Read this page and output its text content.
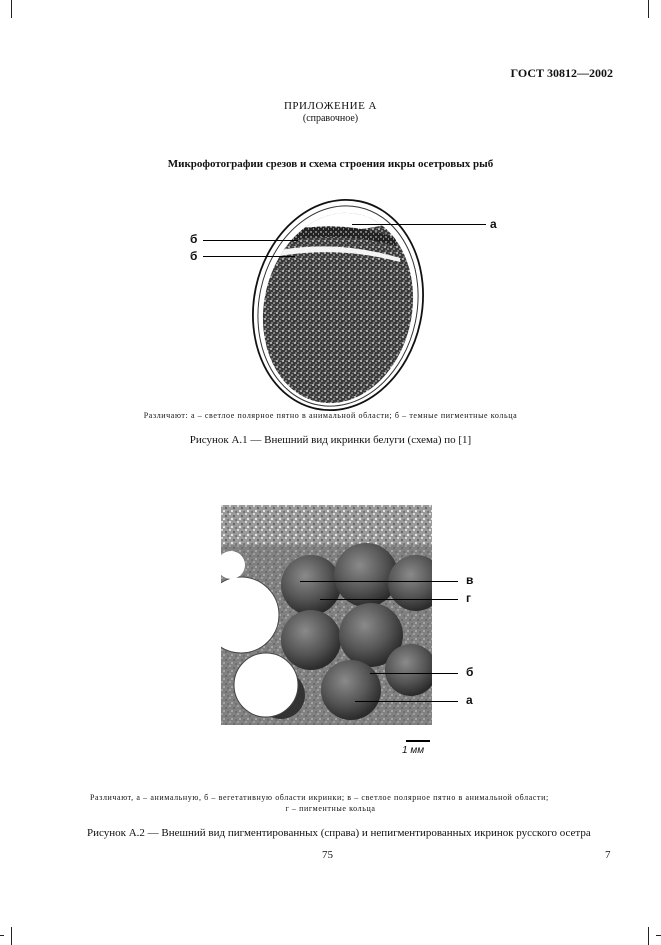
ГОСТ 30812—2002
ПРИЛОЖЕНИЕ А
(справочное)
Микрофотографии срезов и схема строения икры осетровых рыб
а
б
б
Различают: а – светлое полярное пятно в анимальной области; б – темные пигментные кольца
Рисунок А.1 — Внешний вид икринки белуги (схема) по [1]
в
г
б
а
1 мм
Различают, а – анимальную, б – вегетативную области икринки; в – светлое полярное пятно в анимальной области;
г – пигментные кольца
Рисунок А.2 — Внешний вид пигментированных (справа) и непигментированных икринок русского осетра
75	7
